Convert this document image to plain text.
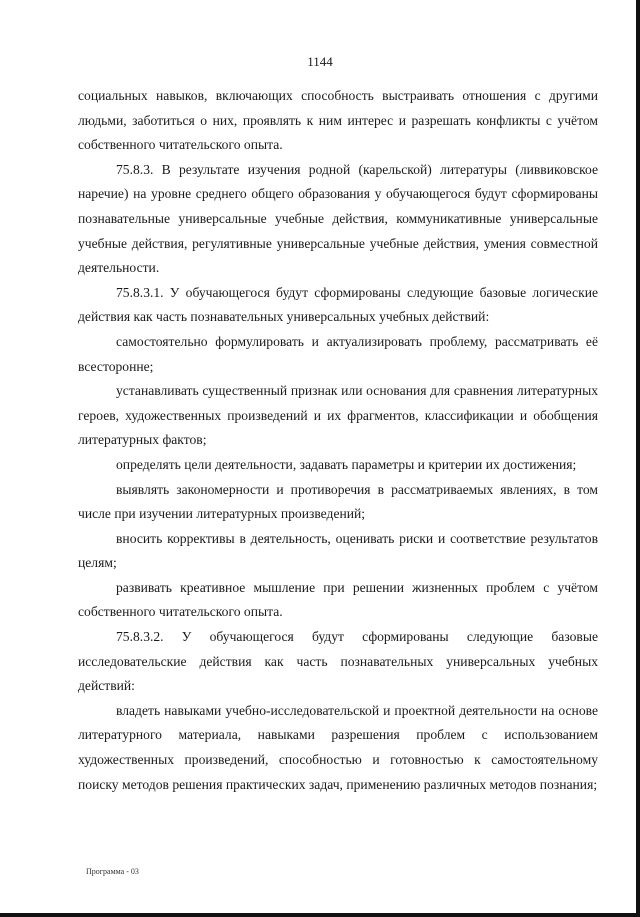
1144

социальных навыков, включающих способность выстраивать отношения с другими людьми, заботиться о них, проявлять к ним интерес и разрешать конфликты с учётом собственного читательского опыта.

75.8.3. В результате изучения родной (карельской) литературы (ливвиковское наречие) на уровне среднего общего образования у обучающегося будут сформированы познавательные универсальные учебные действия, коммуникативные универсальные учебные действия, регулятивные универсальные учебные действия, умения совместной деятельности.

75.8.3.1. У обучающегося будут сформированы следующие базовые логические действия как часть познавательных универсальных учебных действий:

самостоятельно формулировать и актуализировать проблему, рассматривать её всесторонне;

устанавливать существенный признак или основания для сравнения литературных героев, художественных произведений и их фрагментов, классификации и обобщения литературных фактов;

определять цели деятельности, задавать параметры и критерии их достижения;

выявлять закономерности и противоречия в рассматриваемых явлениях, в том числе при изучении литературных произведений;

вносить коррективы в деятельность, оценивать риски и соответствие результатов целям;

развивать креативное мышление при решении жизненных проблем с учётом собственного читательского опыта.

75.8.3.2. У обучающегося будут сформированы следующие базовые исследовательские действия как часть познавательных универсальных учебных действий:

владеть навыками учебно-исследовательской и проектной деятельности на основе литературного материала, навыками разрешения проблем с использованием художественных произведений, способностью и готовностью к самостоятельному поиску методов решения практических задач, применению различных методов познания;

Программа - 03
